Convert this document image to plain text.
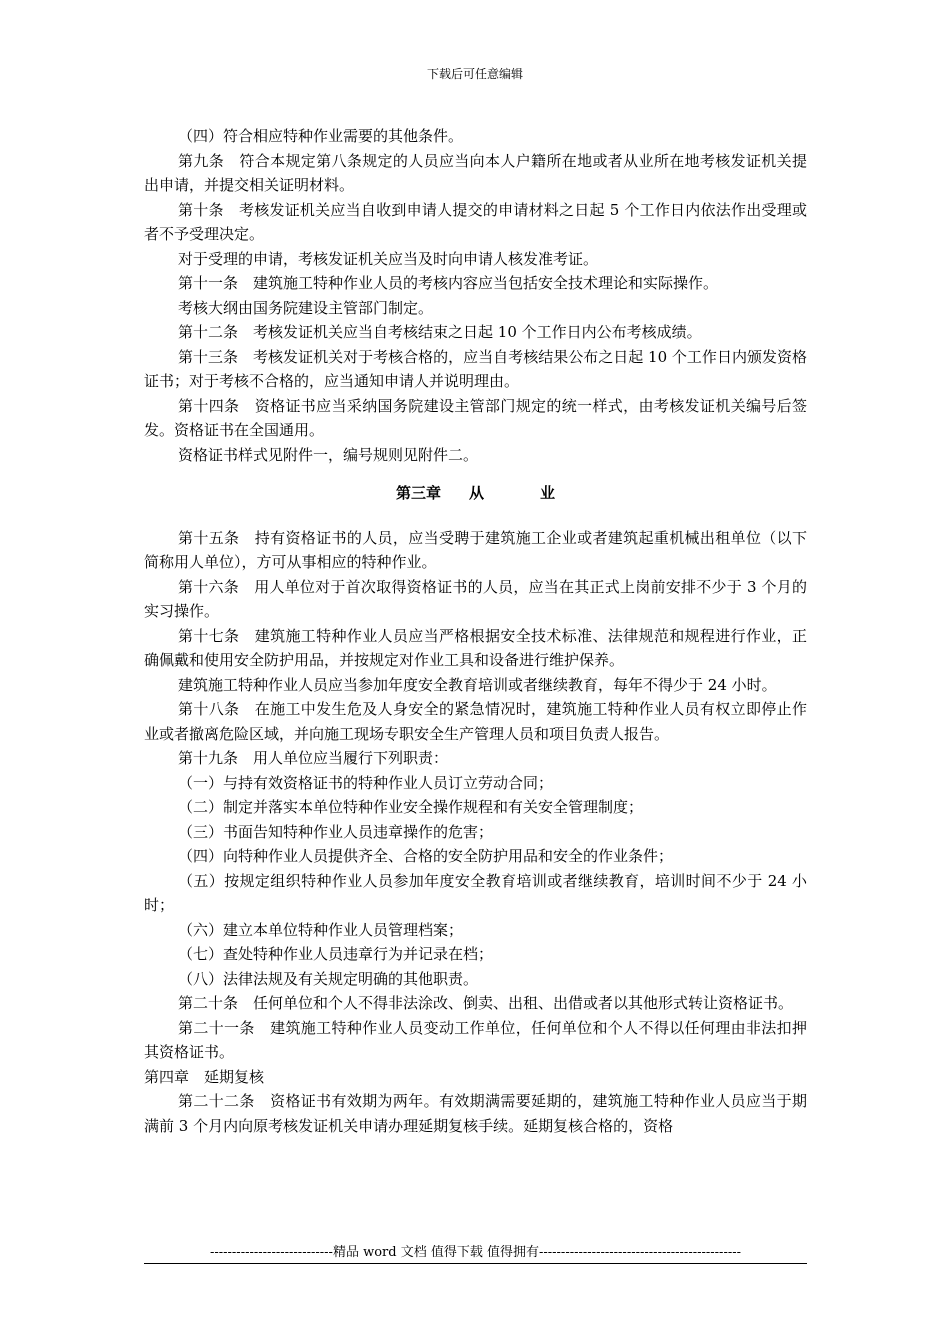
下载后可任意编辑

（四）符合相应特种作业需要的其他条件。

第九条　符合本规定第八条规定的人员应当向本人户籍所在地或者从业所在地考核发证机关提出申请，并提交相关证明材料。

第十条　考核发证机关应当自收到申请人提交的申请材料之日起 5 个工作日内依法作出受理或者不予受理决定。

对于受理的申请，考核发证机关应当及时向申请人核发准考证。

第十一条　建筑施工特种作业人员的考核内容应当包括安全技术理论和实际操作。

考核大纲由国务院建设主管部门制定。

第十二条　考核发证机关应当自考核结束之日起 10 个工作日内公布考核成绩。

第十三条　考核发证机关对于考核合格的，应当自考核结果公布之日起 10 个工作日内颁发资格证书；对于考核不合格的，应当通知申请人并说明理由。

第十四条　资格证书应当采纳国务院建设主管部门规定的统一样式，由考核发证机关编号后签发。资格证书在全国通用。

资格证书样式见附件一，编号规则见附件二。

第三章 从	业

第十五条　持有资格证书的人员，应当受聘于建筑施工企业或者建筑起重机械出租单位（以下简称用人单位），方可从事相应的特种作业。

第十六条　用人单位对于首次取得资格证书的人员，应当在其正式上岗前安排不少于 3 个月的实习操作。

第十七条　建筑施工特种作业人员应当严格根据安全技术标准、法律规范和规程进行作业，正确佩戴和使用安全防护用品，并按规定对作业工具和设备进行维护保养。

建筑施工特种作业人员应当参加年度安全教育培训或者继续教育，每年不得少于 24 小时。

第十八条　在施工中发生危及人身安全的紧急情况时，建筑施工特种作业人员有权立即停止作业或者撤离危险区域，并向施工现场专职安全生产管理人员和项目负责人报告。

第十九条　用人单位应当履行下列职责：

（一）与持有效资格证书的特种作业人员订立劳动合同；

（二）制定并落实本单位特种作业安全操作规程和有关安全管理制度；

（三）书面告知特种作业人员违章操作的危害；

（四）向特种作业人员提供齐全、合格的安全防护用品和安全的作业条件；

（五）按规定组织特种作业人员参加年度安全教育培训或者继续教育，培训时间不少于 24 小时；

（六）建立本单位特种作业人员管理档案；

（七）查处特种作业人员违章行为并记录在档；

（八）法律法规及有关规定明确的其他职责。

第二十条　任何单位和个人不得非法涂改、倒卖、出租、出借或者以其他形式转让资格证书。

第二十一条　建筑施工特种作业人员变动工作单位，任何单位和个人不得以任何理由非法扣押其资格证书。

第四章　延期复核

第二十二条　资格证书有效期为两年。有效期满需要延期的，建筑施工特种作业人员应当于期满前 3 个月内向原考核发证机关申请办理延期复核手续。延期复核合格的，资格

----------------------------精品 word 文档 值得下载 值得拥有----------------------------------------------
